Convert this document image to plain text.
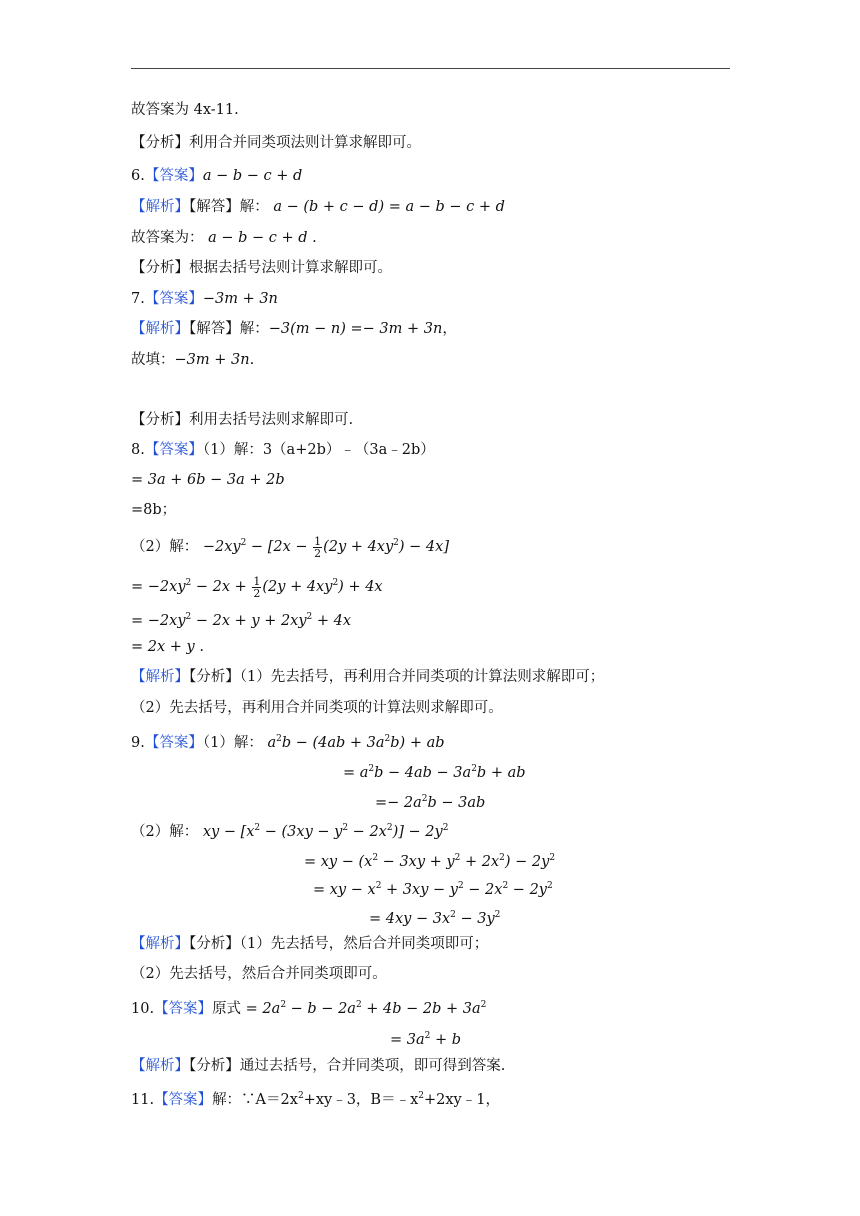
故答案为 4x-11.
【分析】利用合并同类项法则计算求解即可。
6.【答案】a − b − c + d
【解析】【解答】解： a − (b + c − d) = a − b − c + d
故答案为： a − b − c + d .
【分析】根据去括号法则计算求解即可。
7.【答案】−3m + 3n
【解析】【解答】解：−3(m − n) =− 3m + 3n，
故填：−3m + 3n.
【分析】利用去括号法则求解即可.
8.【答案】（1）解：3（a+2b）﹣（3a﹣2b）
= 3a + 6b − 3a + 2b
=8b；
= $-2xy^2 - 2x + \frac{1}{2} (2y + 4xy^2) + 4x$
= $-2xy^2 - 2x + y + 2xy^2 + 4x$
= 2x + y .
【解析】【分析】（1）先去括号，再利用合并同类项的计算法则求解即可；
（2）先去括号，再利用合并同类项的计算法则求解即可。
9.【答案】（1）解： $a^2b - (4ab + 3a^2b)$ + ab
= $a^2b - 4ab - 3a^2b$ + ab
=− $2a^2b - 3ab$
（2）解： xy − $[x^2 - (3xy - y^2 - 2x^2)] - 2y^2$
= xy − $(x^2 - 3xy + y^2 + 2x^2) - 2y^2$
= xy − $x^2 + 3xy - y^2 - 2x^2 - 2y^2$
= $4xy - 3x^2 - 3y^2$
【解析】【分析】（1）先去括号，然后合并同类项即可；
（2）先去括号，然后合并同类项即可。
10.【答案】原式 = $2a^2 - b - 2a^2 + 4b - 2b + 3a^2$
= $3a^2 + b$
【解析】【分析】通过去括号，合并同类项，即可得到答案.
11.【答案】解：$\because A=2x^2+xy﹣3$，$B=﹣x^2+2xy﹣1$，
（2）解： $-2xy^2 - [2x - \frac{1}{2} (2y + 4xy^2) - 4x]$
